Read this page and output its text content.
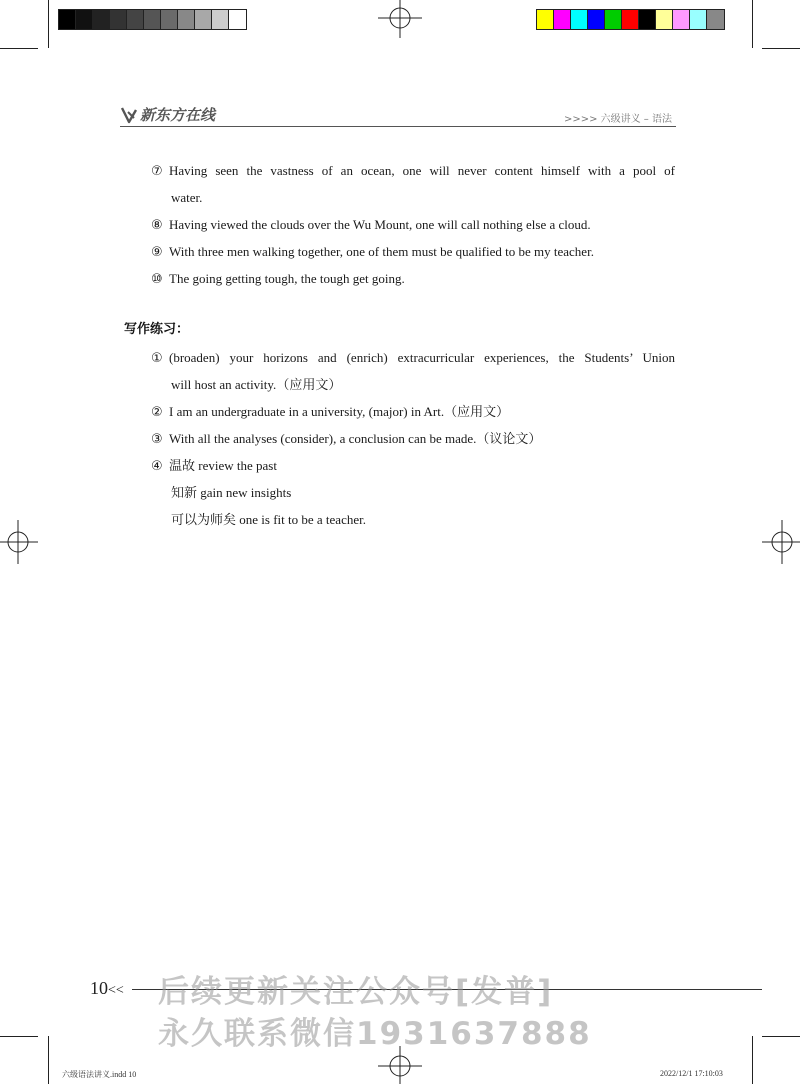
新东方在线	>>>> 六级讲义 – 语法
⑦ Having seen the vastness of an ocean, one will never content himself with a pool of
water.
⑧ Having viewed the clouds over the Wu Mount, one will call nothing else a cloud.
⑨ With three men walking together, one of them must be qualified to be my teacher.
⑩ The going getting tough, the tough get going.
写作练习：
① (broaden) your horizons and (enrich) extracurricular experiences, the Students’ Union
will host an activity.（应用文）
② I am an undergraduate in a university, (major) in Art.（应用文）
③ With all the analyses (consider), a conclusion can be made.（议论文）
④ 温故 review the past
知新 gain new insights
可以为师矣 one is fit to be a teacher.
10<< 后续更新关注公众号[发普]
永久联系微信1931637888
六级语法讲义.indd 10	2022/12/1 17:10:03
